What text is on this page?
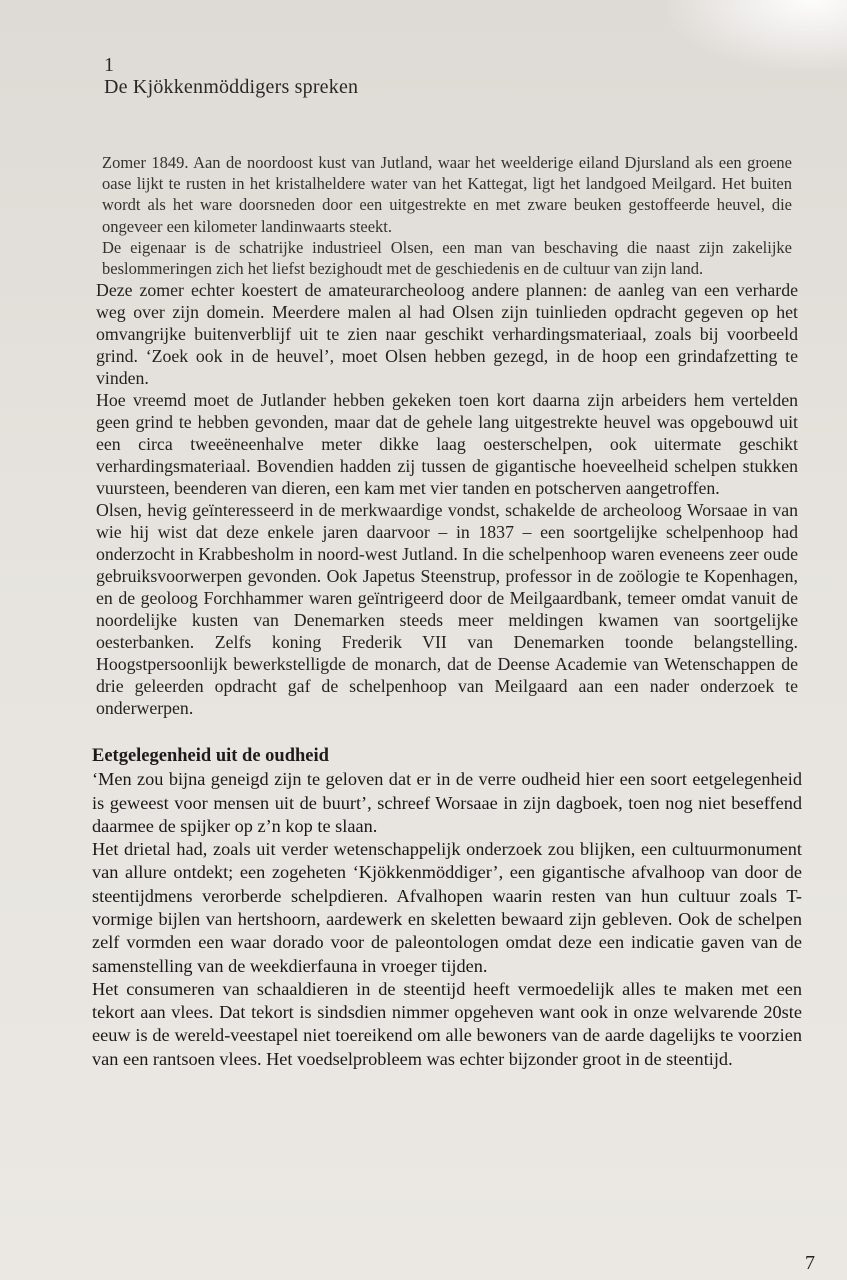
1
De Kjökkenmöddigers spreken

Zomer 1849. Aan de noordoost kust van Jutland, waar het weelderige eiland Djursland als een groene oase lijkt te rusten in het kristalheldere water van het Kattegat, ligt het landgoed Meilgard. Het buiten wordt als het ware doorsneden door een uitgestrekte en met zware beuken gestoffeerde heuvel, die ongeveer een kilometer landinwaarts steekt.

De eigenaar is de schatrijke industrieel Olsen, een man van beschaving die naast zijn zakelijke beslommeringen zich het liefst bezighoudt met de geschiedenis en de cultuur van zijn land.

Deze zomer echter koestert de amateurarcheoloog andere plannen: de aanleg van een verharde weg over zijn domein. Meerdere malen al had Olsen zijn tuinlieden opdracht gegeven op het omvangrijke buitenverblijf uit te zien naar geschikt verhardingsmateriaal, zoals bij voorbeeld grind. ‘Zoek ook in de heuvel’, moet Olsen hebben gezegd, in de hoop een grindafzetting te vinden.

Hoe vreemd moet de Jutlander hebben gekeken toen kort daarna zijn arbeiders hem vertelden geen grind te hebben gevonden, maar dat de gehele lang uitgestrekte heuvel was opgebouwd uit een circa tweeëneenhalve meter dikke laag oesterschelpen, ook uitermate geschikt verhardingsmateriaal. Bovendien hadden zij tussen de gigantische hoeveelheid schelpen stukken vuursteen, beenderen van dieren, een kam met vier tanden en potscherven aangetroffen.

Olsen, hevig geïnteresseerd in de merkwaardige vondst, schakelde de archeoloog Worsaae in van wie hij wist dat deze enkele jaren daarvoor – in 1837 – een soortgelijke schelpenhoop had onderzocht in Krabbesholm in noord-west Jutland. In die schelpenhoop waren eveneens zeer oude gebruiksvoorwerpen gevonden. Ook Japetus Steenstrup, professor in de zoölogie te Kopenhagen, en de geoloog Forchhammer waren geïntrigeerd door de Meilgaardbank, temeer omdat vanuit de noordelijke kusten van Denemarken steeds meer meldingen kwamen van soortgelijke oesterbanken. Zelfs koning Frederik VII van Denemarken toonde belangstelling. Hoogstpersoonlijk bewerkstelligde de monarch, dat de Deense Academie van Wetenschappen de drie geleerden opdracht gaf de schelpenhoop van Meilgaard aan een nader onderzoek te onderwerpen.

Eetgelegenheid uit de oudheid

‘Men zou bijna geneigd zijn te geloven dat er in de verre oudheid hier een soort eetgelegenheid is geweest voor mensen uit de buurt’, schreef Worsaae in zijn dagboek, toen nog niet beseffend daarmee de spijker op z’n kop te slaan.

Het drietal had, zoals uit verder wetenschappelijk onderzoek zou blijken, een cultuurmonument van allure ontdekt; een zogeheten ‘Kjökkenmöddiger’, een gigantische afvalhoop van door de steentijdmens verorberde schelpdieren. Afvalhopen waarin resten van hun cultuur zoals T-vormige bijlen van hertshoorn, aardewerk en skeletten bewaard zijn gebleven. Ook de schelpen zelf vormden een waar dorado voor de paleontologen omdat deze een indicatie gaven van de samenstelling van de weekdierfauna in vroeger tijden.

Het consumeren van schaaldieren in de steentijd heeft vermoedelijk alles te maken met een tekort aan vlees. Dat tekort is sindsdien nimmer opgeheven want ook in onze welvarende 20ste eeuw is de wereld-veestapel niet toereikend om alle bewoners van de aarde dagelijks te voorzien van een rantsoen vlees. Het voedselprobleem was echter bijzonder groot in de steentijd.

7
